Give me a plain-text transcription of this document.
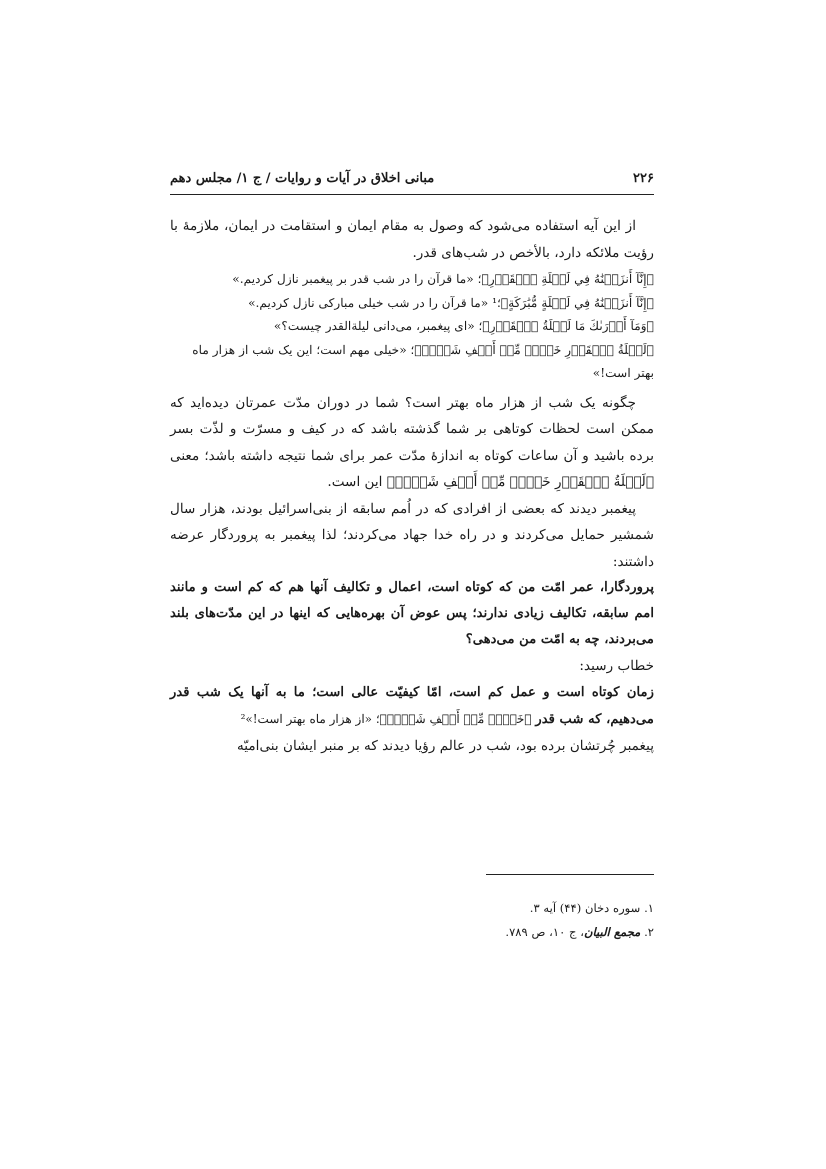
۲۲۶
مبانی اخلاق در آیات و روایات / ج ۱/ مجلس دهم

از این آیه استفاده می‌شود که وصول به مقام ایمان و استقامت در ایمان، ملازمهٔ با رؤیت ملائکه دارد، بالأخص در شب‌های قدر.

﴿إِنَّآ أَنزَلۡنَٰهُ فِي لَيۡلَةِ ٱلۡقَدۡرِ﴾؛ «ما قرآن را در شب قدر بر پیغمبر نازل کردیم.»

﴿إِنَّآ أَنزَلۡنَٰهُ فِي لَيۡلَةٍ مُّبَٰرَكَةٍ﴾؛¹ «ما قرآن را در شب خیلی مبارکی نازل کردیم.»

﴿وَمَآ أَدۡرَىٰكَ مَا لَيۡلَةُ ٱلۡقَدۡرِ﴾؛ «ای پیغمبر، می‌دانی لیلة‌القدر چیست؟»

﴿لَيۡلَةُ ٱلۡقَدۡرِ خَيۡرٞ مِّنۡ أَلۡفِ شَهۡرٖ﴾؛ «خیلی مهم است؛ این یک شب از هزار ماه بهتر است!»

چگونه یک شب از هزار ماه بهتر است؟ شما در دوران مدّت عمرتان دیده‌اید که ممکن است لحظات کوتاهی بر شما گذشته باشد که در کیف و مسرّت و لذّت بسر برده باشید و آن ساعات کوتاه به اندازهٔ مدّت عمر برای شما نتیجه داشته باشد؛ معنی ﴿لَيۡلَةُ ٱلۡقَدۡرِ خَيۡرٞ مِّنۡ أَلۡفِ شَهۡرٖ﴾ این است.

پیغمبر دیدند که بعضی از افرادی که در اُمم سابقه از بنی‌اسرائیل بودند، هزار سال شمشیر حمایل می‌کردند و در راه خدا جهاد می‌کردند؛ لذا پیغمبر به پروردگار عرضه داشتند:

پروردگارا، عمر امّت من که کوتاه است، اعمال و تکالیف آنها هم که کم است و مانند امم سابقه، تکالیف زیادی ندارند؛ پس عوض آن بهره‌هایی که اینها در این مدّت‌های بلند می‌بردند، چه به امّت من می‌دهی؟

خطاب رسید:

زمان کوتاه است و عمل کم است، امّا کیفیّت عالی است؛ ما به آنها یک شب قدر می‌دهیم، که شب قدر ﴿خَيۡرٞ مِّنۡ أَلۡفِ شَهۡرٖ﴾؛ «از هزار ماه بهتر است!»²

پیغمبر چُرتشان برده بود، شب در عالم رؤیا دیدند که بر منبر ایشان بنی‌امیّه

۱. سوره دخان (۴۴) آیه ۳.

۲. مجمع البیان، ج ۱۰، ص ۷۸۹.
